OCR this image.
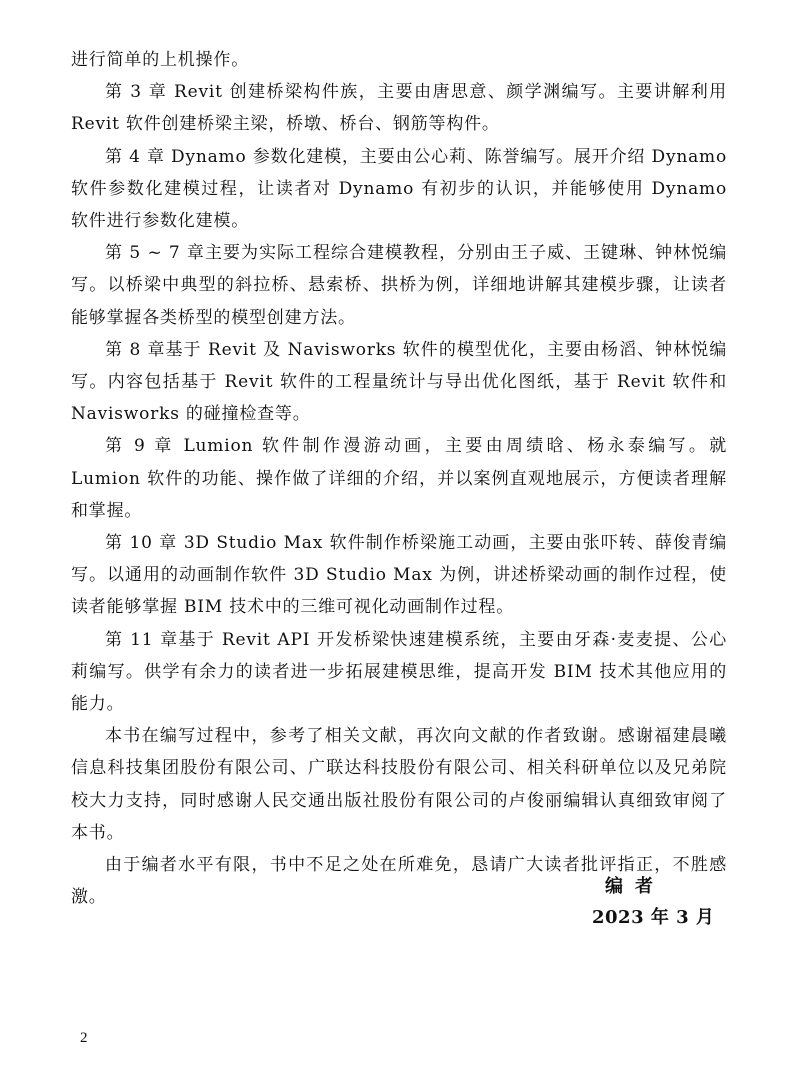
进行简单的上机操作。

第 3 章 Revit 创建桥梁构件族，主要由唐思意、颜学渊编写。主要讲解利用 Revit 软件创建桥梁主梁，桥墩、桥台、钢筋等构件。

第 4 章 Dynamo 参数化建模，主要由公心莉、陈誉编写。展开介绍 Dynamo 软件参数化建模过程，让读者对 Dynamo 有初步的认识，并能够使用 Dynamo 软件进行参数化建模。

第 5 ~ 7 章主要为实际工程综合建模教程，分别由王子威、王键琳、钟林悦编写。以桥梁中典型的斜拉桥、悬索桥、拱桥为例，详细地讲解其建模步骤，让读者能够掌握各类桥型的模型创建方法。

第 8 章基于 Revit 及 Navisworks 软件的模型优化，主要由杨滔、钟林悦编写。内容包括基于 Revit 软件的工程量统计与导出优化图纸，基于 Revit 软件和 Navisworks 的碰撞检查等。

第 9 章 Lumion 软件制作漫游动画，主要由周绩晗、杨永泰编写。就 Lumion 软件的功能、操作做了详细的介绍，并以案例直观地展示，方便读者理解和掌握。

第 10 章 3D Studio Max 软件制作桥梁施工动画，主要由张吓转、薛俊青编写。以通用的动画制作软件 3D Studio Max 为例，讲述桥梁动画的制作过程，使读者能够掌握 BIM 技术中的三维可视化动画制作过程。

第 11 章基于 Revit API 开发桥梁快速建模系统，主要由牙森·麦麦提、公心莉编写。供学有余力的读者进一步拓展建模思维，提高开发 BIM 技术其他应用的能力。

本书在编写过程中，参考了相关文献，再次向文献的作者致谢。感谢福建晨曦信息科技集团股份有限公司、广联达科技股份有限公司、相关科研单位以及兄弟院校大力支持，同时感谢人民交通出版社股份有限公司的卢俊丽编辑认真细致审阅了本书。

由于编者水平有限，书中不足之处在所难免，恳请广大读者批评指正，不胜感激。

编者
2023 年 3 月
2
